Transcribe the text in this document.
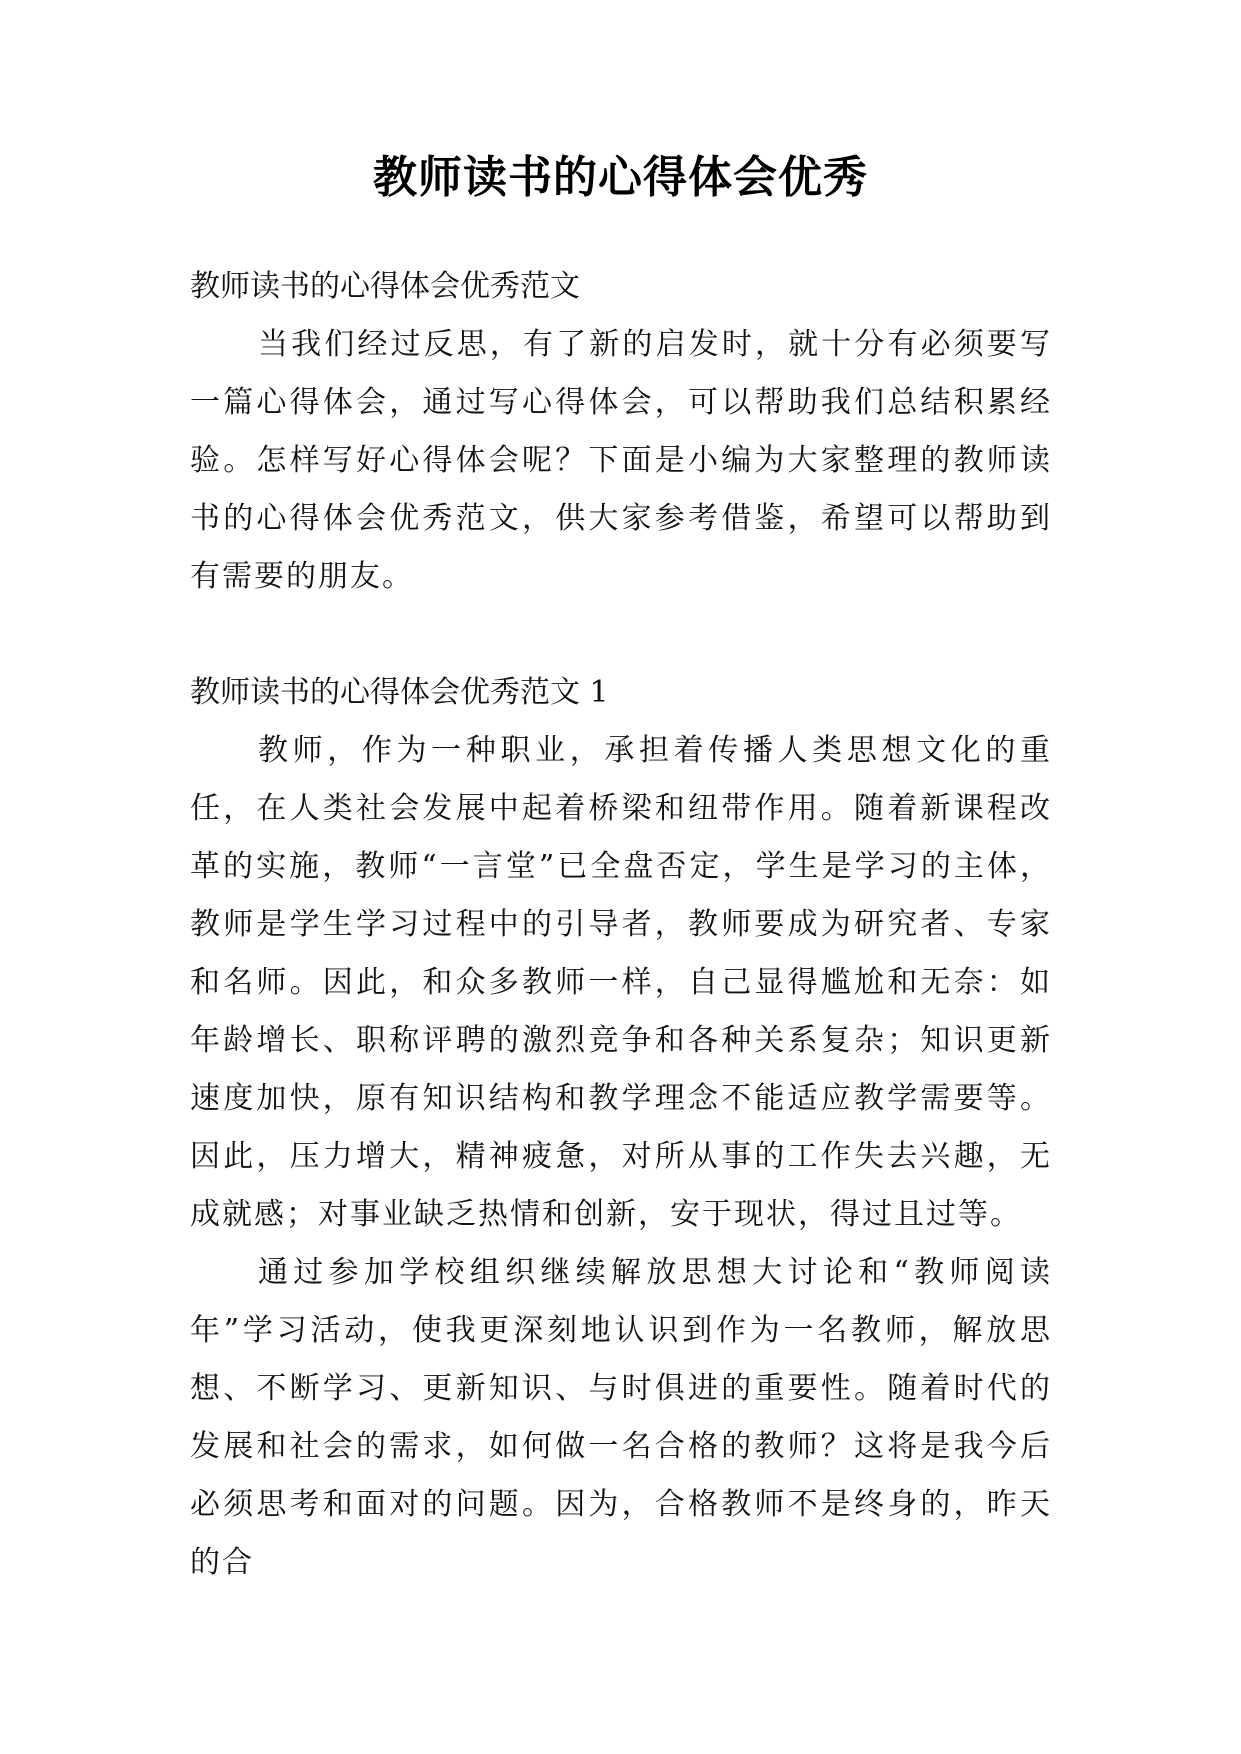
教师读书的心得体会优秀

教师读书的心得体会优秀范文

当我们经过反思，有了新的启发时，就十分有必须要写一篇心得体会，通过写心得体会，可以帮助我们总结积累经验。怎样写好心得体会呢？下面是小编为大家整理的教师读书的心得体会优秀范文，供大家参考借鉴，希望可以帮助到有需要的朋友。

教师读书的心得体会优秀范文 1

教师，作为一种职业，承担着传播人类思想文化的重任，在人类社会发展中起着桥梁和纽带作用。随着新课程改革的实施，教师“一言堂”已全盘否定，学生是学习的主体，教师是学生学习过程中的引导者，教师要成为研究者、专家和名师。因此，和众多教师一样，自己显得尴尬和无奈：如年龄增长、职称评聘的激烈竞争和各种关系复杂；知识更新速度加快，原有知识结构和教学理念不能适应教学需要等。因此，压力增大，精神疲惫，对所从事的工作失去兴趣，无成就感；对事业缺乏热情和创新，安于现状，得过且过等。

通过参加学校组织继续解放思想大讨论和“教师阅读年”学习活动，使我更深刻地认识到作为一名教师，解放思想、不断学习、更新知识、与时俱进的重要性。随着时代的发展和社会的需求，如何做一名合格的教师？这将是我今后必须思考和面对的问题。因为，合格教师不是终身的，昨天的合
